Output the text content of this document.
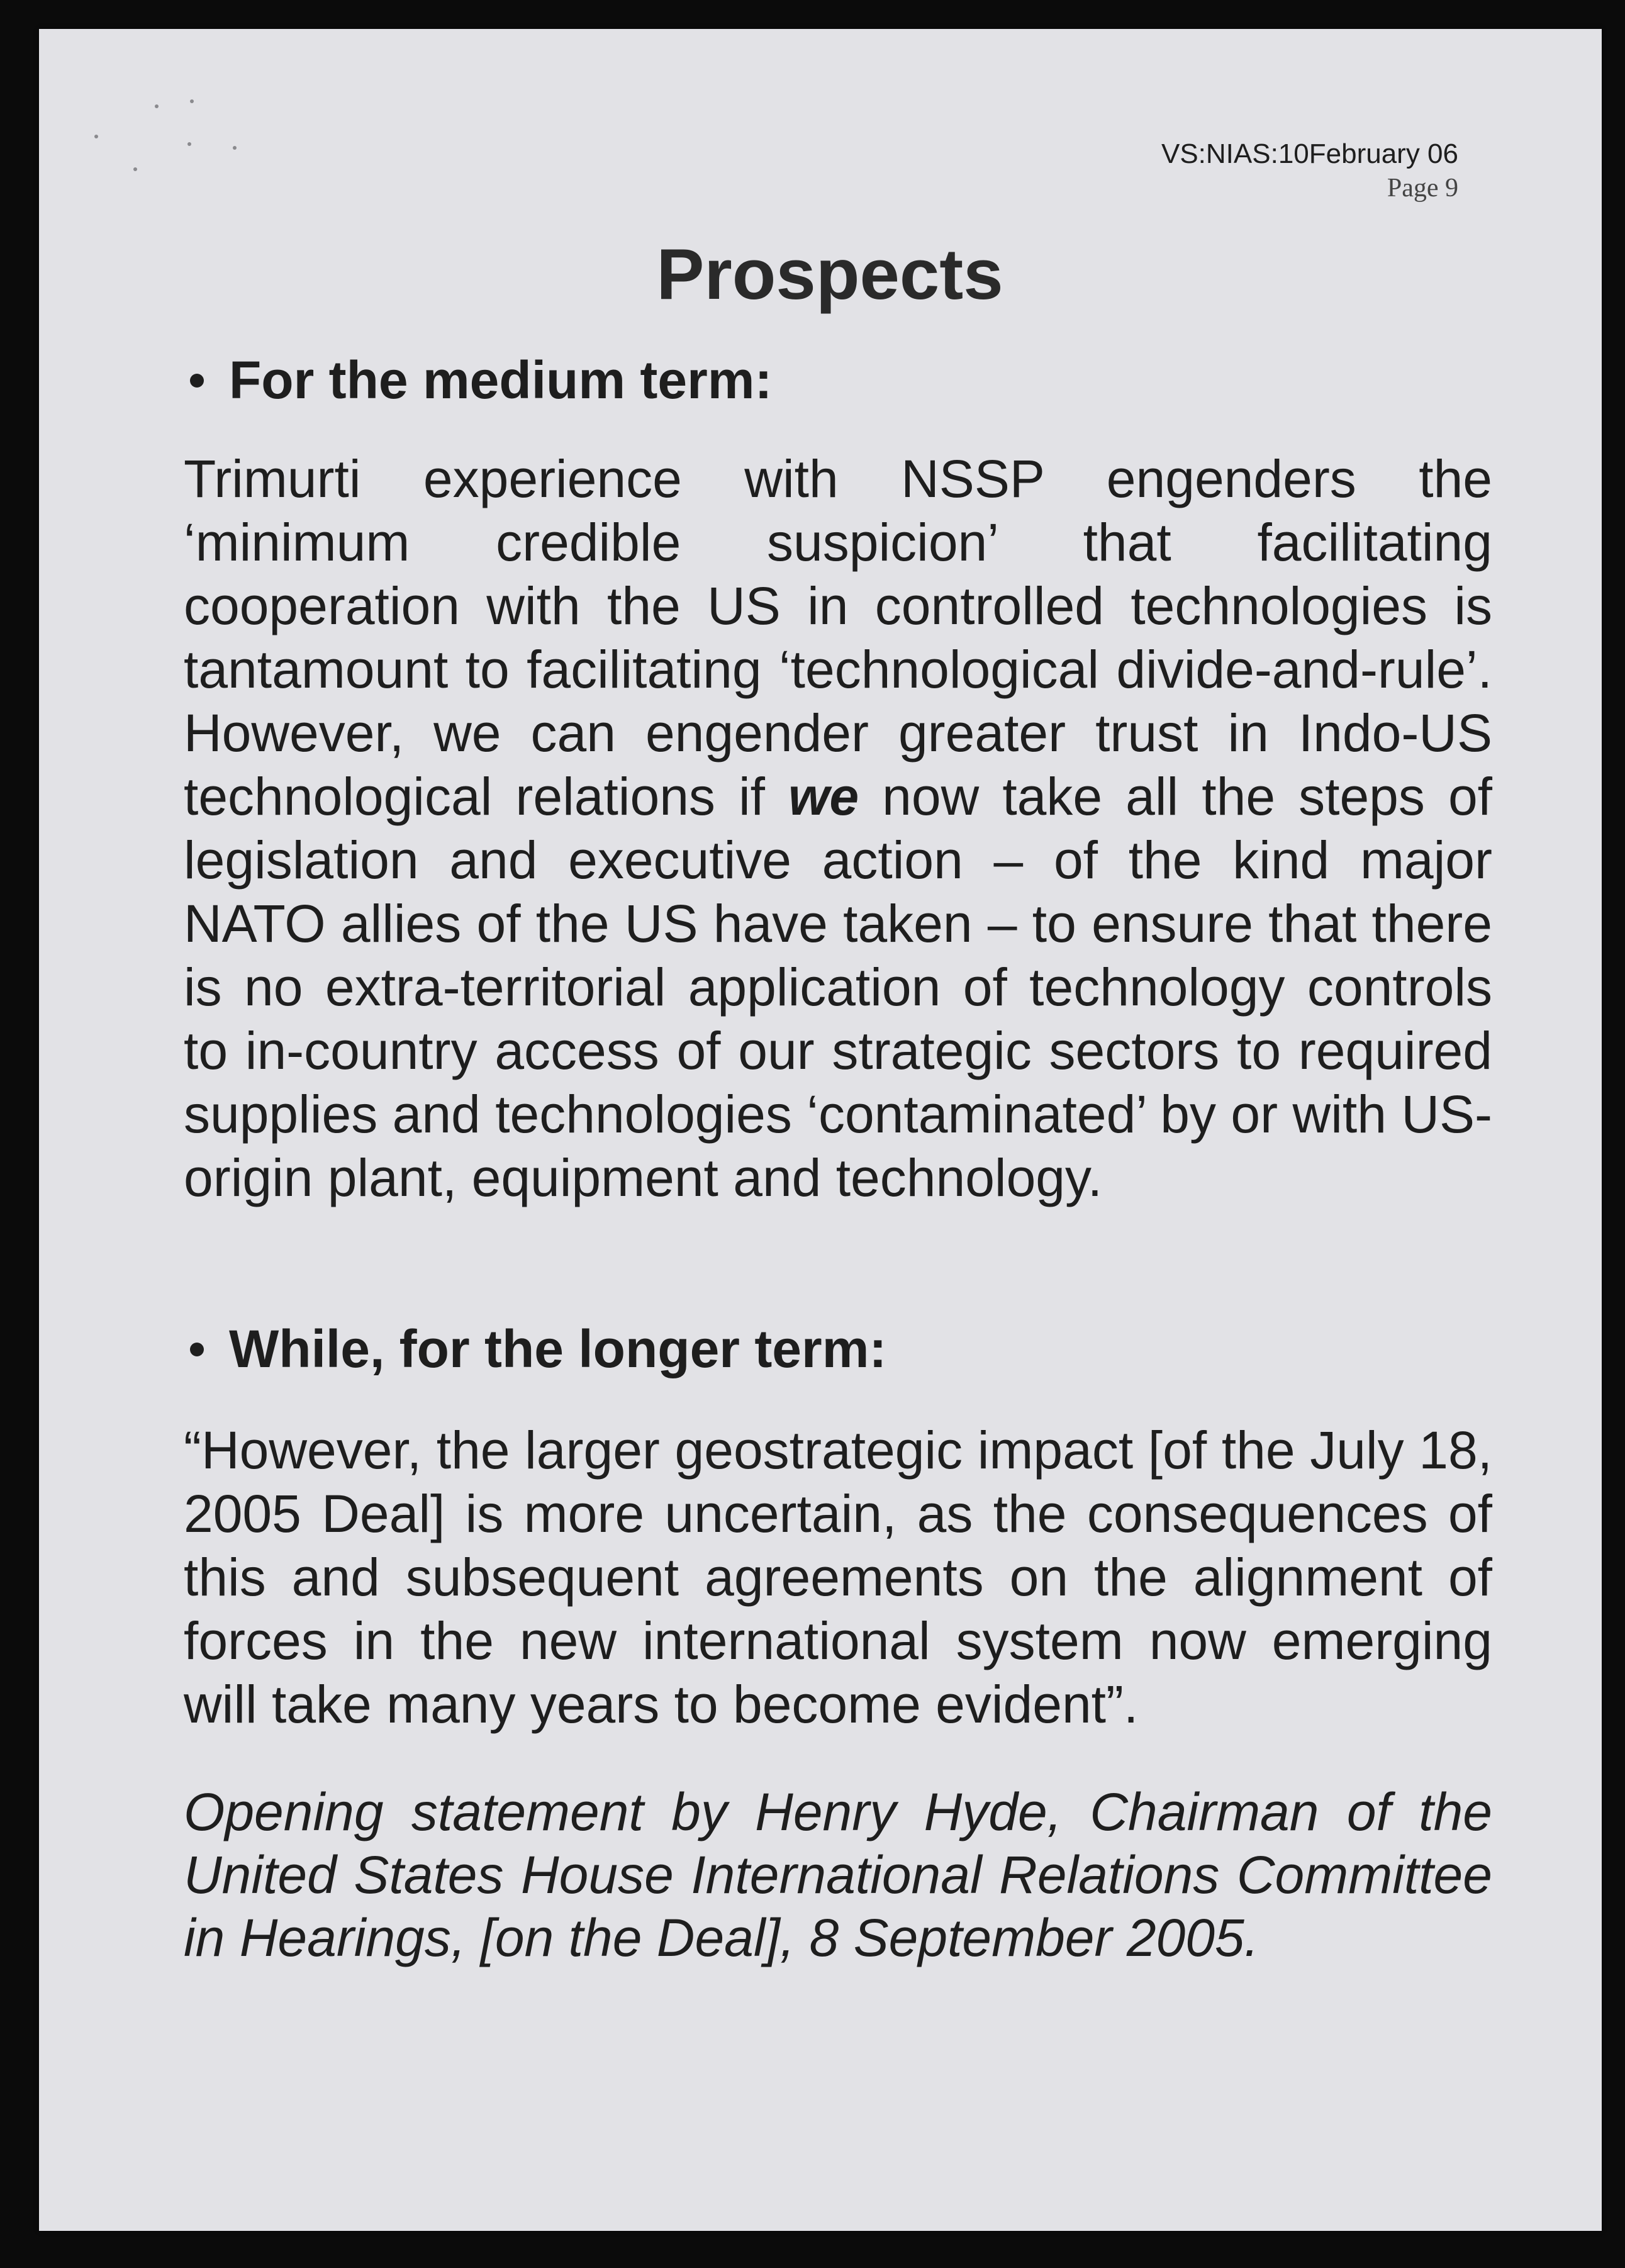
VS:NIAS:10February 06
Page 9
Prospects

For the medium term:

Trimurti experience with NSSP engenders the ‘minimum credible suspicion’ that facilitating cooperation with the US in controlled technologies is tantamount to facilitating ‘technological divide-and-rule’. However, we can engender greater trust in Indo-US technological relations if we now take all the steps of legislation and executive action – of the kind major NATO allies of the US have taken – to ensure that there is no extra-territorial application of technology controls to in-country access of our strategic sectors to required supplies and technologies ‘contaminated’ by or with US-origin plant, equipment and technology.

While, for the longer term:

“However, the larger geostrategic impact [of the July 18, 2005 Deal] is more uncertain, as the consequences of this and subsequent agreements on the alignment of forces in the new international system now emerging will take many years to become evident”.

Opening statement by Henry Hyde, Chairman of the United States House International Relations Committee in Hearings, [on the Deal], 8 September 2005.
